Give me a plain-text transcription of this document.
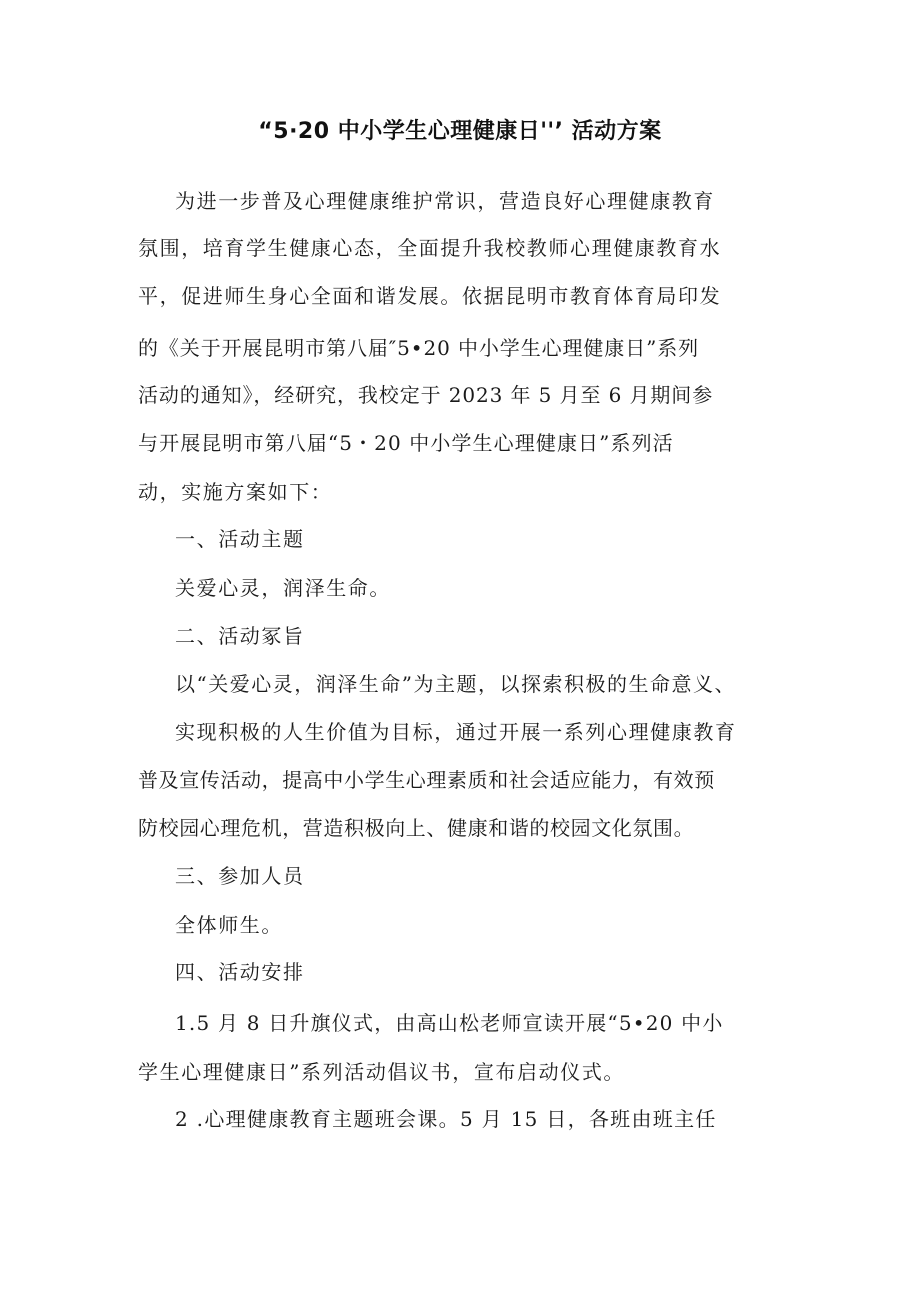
“5·20 中小学生心理健康日''’ 活动方案
为进一步普及心理健康维护常识，营造良好心理健康教育
氛围，培育学生健康心态，全面提升我校教师心理健康教育水
平，促进师生身心全面和谐发展。依据昆明市教育体育局印发
的《关于开展昆明市第八届″5•20 中小学生心理健康日”系列
活动的通知》，经研究，我校定于 2023 年 5 月至 6 月期间参
与开展昆明市第八届“5・20 中小学生心理健康日”系列活
动，实施方案如下：
一、活动主题
关爱心灵，润泽生命。
二、活动冢旨
以“关爱心灵，润泽生命”为主题，以探索积极的生命意义、
实现积极的人生价值为目标，通过开展一系列心理健康教育
普及宣传活动，提高中小学生心理素质和社会适应能力，有效预
防校园心理危机，营造积极向上、健康和谐的校园文化氛围。
三、参加人员
全体师生。
四、活动安排
1.5 月 8 日升旗仪式，由高山松老师宣读开展“5•20 中小
学生心理健康日”系列活动倡议书，宣布启动仪式。
2 .心理健康教育主题班会课。5 月 15 日，各班由班主任
